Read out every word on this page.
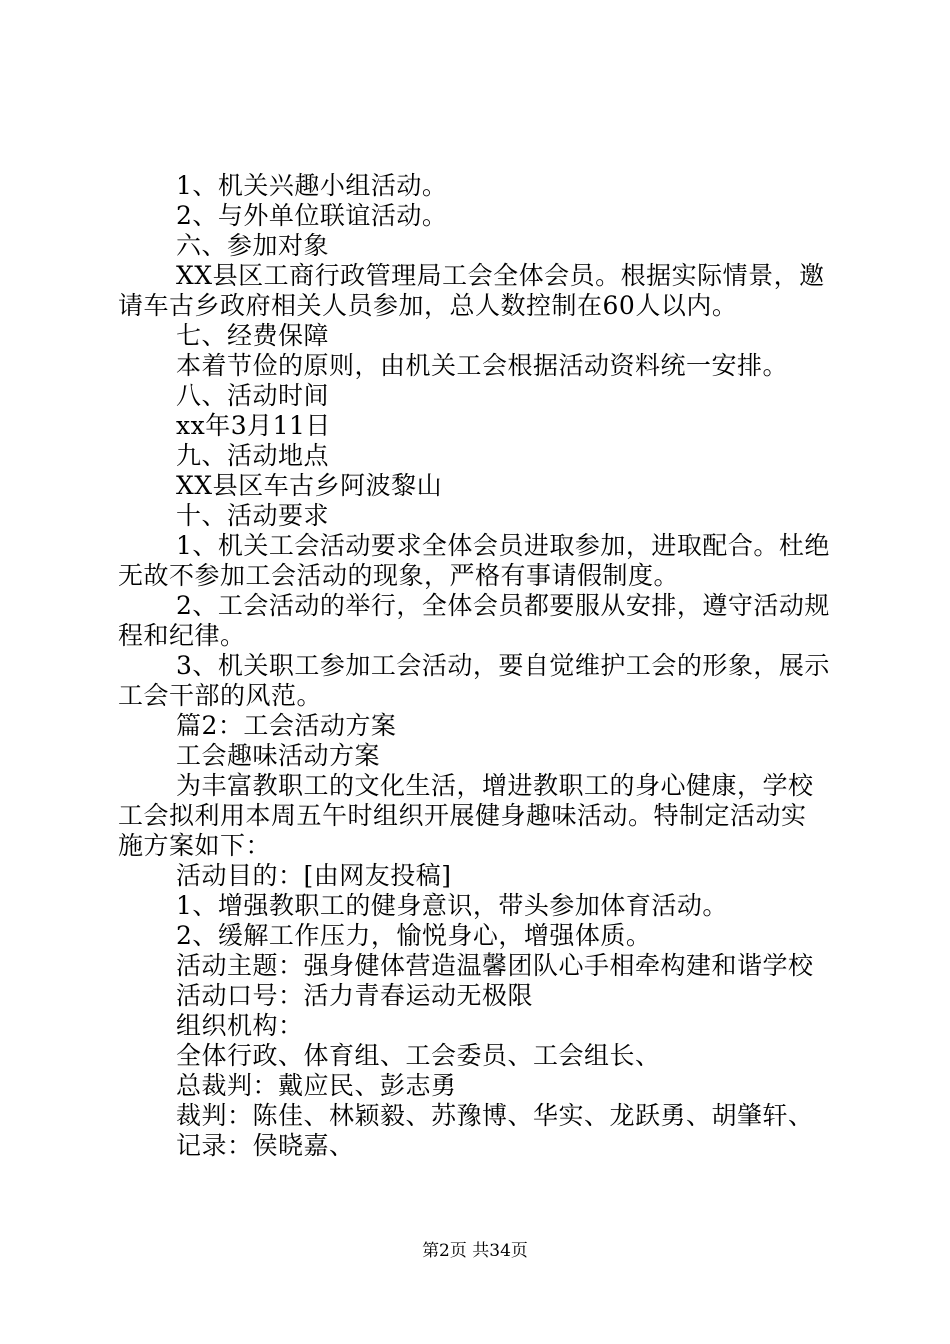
1、机关兴趣小组活动。
2、与外单位联谊活动。
六、参加对象
XX县区工商行政管理局工会全体会员。根据实际情景，邀
请车古乡政府相关人员参加，总人数控制在60人以内。
七、经费保障
本着节俭的原则，由机关工会根据活动资料统一安排。
八、活动时间
xx年3月11日
九、活动地点
XX县区车古乡阿波黎山
十、活动要求
1、机关工会活动要求全体会员进取参加，进取配合。杜绝
无故不参加工会活动的现象，严格有事请假制度。
2、工会活动的举行，全体会员都要服从安排，遵守活动规
程和纪律。
3、机关职工参加工会活动，要自觉维护工会的形象，展示
工会干部的风范。
篇2：工会活动方案
工会趣味活动方案
为丰富教职工的文化生活，增进教职工的身心健康，学校
工会拟利用本周五午时组织开展健身趣味活动。特制定活动实
施方案如下：
活动目的：[由网友投稿]
1、增强教职工的健身意识，带头参加体育活动。
2、缓解工作压力，愉悦身心，增强体质。
活动主题：强身健体营造温馨团队心手相牵构建和谐学校
活动口号：活力青春运动无极限
组织机构：
全体行政、体育组、工会委员、工会组长、
总裁判：戴应民、彭志勇
裁判：陈佳、林颖毅、苏豫博、华实、龙跃勇、胡肇轩、
记录：侯晓嘉、
第2页 共34页
